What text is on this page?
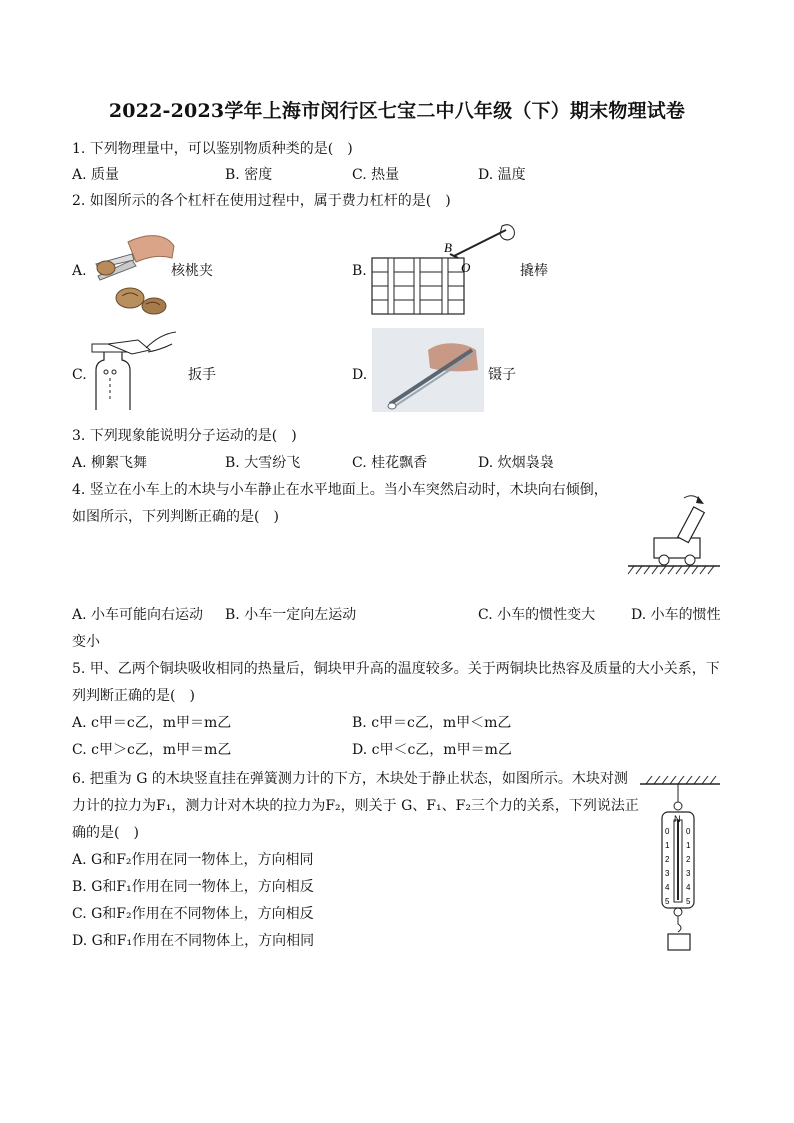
2022-2023学年上海市闵行区七宝二中八年级（下）期末物理试卷
1. 下列物理量中，可以鉴别物质种类的是(　)
A. 质量	B. 密度	C. 热量	D. 温度
2. 如图所示的各个杠杆在使用过程中，属于费力杠杆的是(　)
A.	核桃夹	B.
B
O	撬棒
C.	扳手	D.	镊子
3. 下列现象能说明分子运动的是(　)
A. 柳絮飞舞	B. 大雪纷飞	C. 桂花飘香	D. 炊烟袅袅
4. 竖立在小车上的木块与小车静止在水平地面上。当小车突然启动时，木块向右倾倒，
如图所示，下列判断正确的是(　)
A. 小车可能向右运动 B. 小车一定向左运动	C. 小车的惯性变大	D. 小车的惯性
变小
5. 甲、乙两个铜块吸收相同的热量后，铜块甲升高的温度较多。关于两铜块比热容及质量的大小关系，下
列判断正确的是(　)
A. c甲＝c乙，m甲＝m乙	B. c甲＝c乙，m甲＜m乙
C. c甲＞c乙，m甲＝m乙	D. c甲＜c乙，m甲＝m乙
6. 把重为 G 的木块竖直挂在弹簧测力计的下方，木块处于静止状态，如图所示。木块对测
力计的拉力为F₁，测力计对木块的拉力为F₂，则关于 G、F₁、F₂三个力的关系，下列说法正
确的是(　)
A. G和F₂作用在同一物体上，方向相同
B. G和F₁作用在同一物体上，方向相反
C. G和F₂作用在不同物体上，方向相反
D. G和F₁作用在不同物体上，方向相同
N
0
1
2
3
4
5
0
1
2
3
4
5
